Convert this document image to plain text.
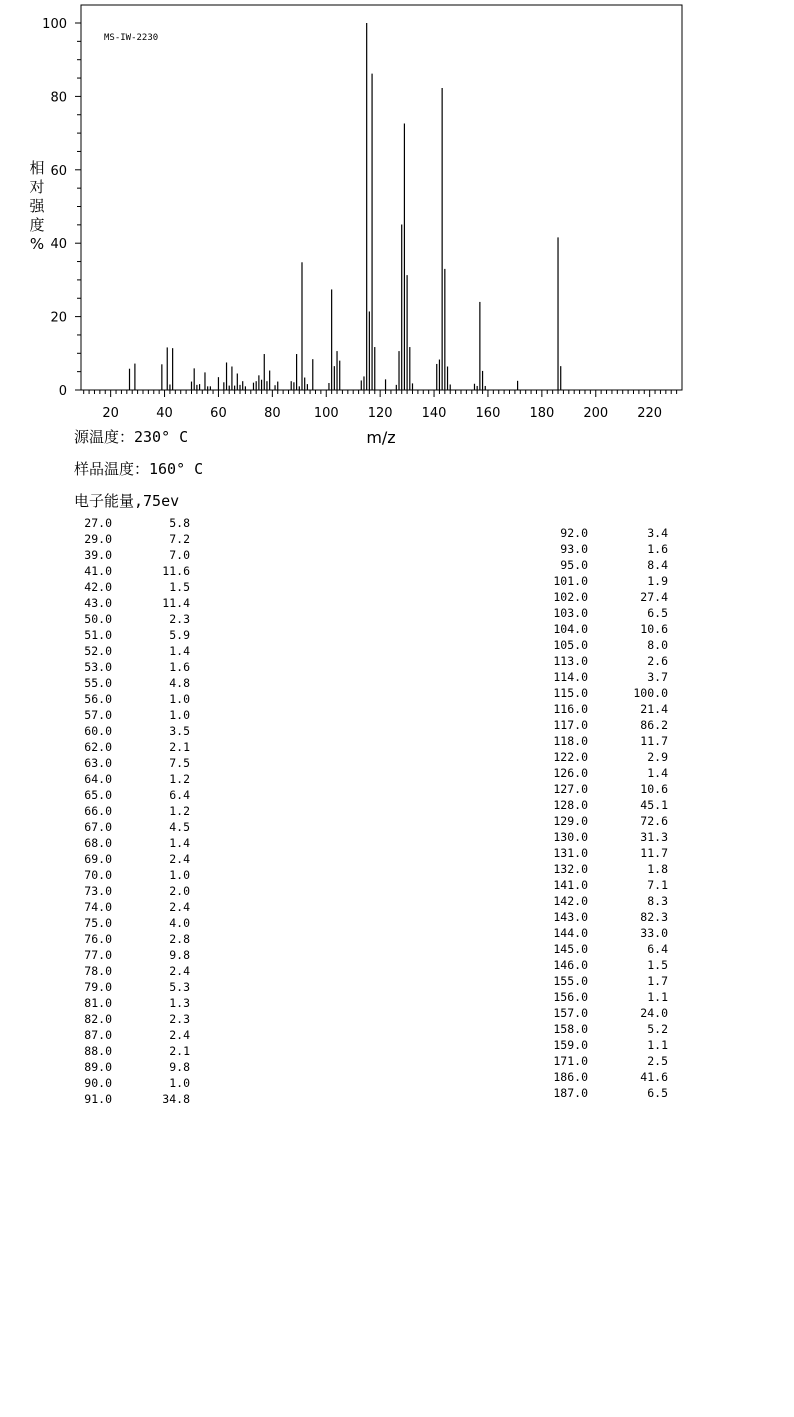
MS-IW-2230
相
对
强
度
%
20	40	60	80	100 120 140 160 180 200 220
0
20
40
60
80
100
m/z
源温度：230° C
样品温度：160° C
电子能量,75ev
27.0	5.8
29.0	7.2
39.0	7.0
41.0	11.6
42.0	1.5
43.0	11.4
50.0	2.3
51.0	5.9
52.0	1.4
53.0	1.6
55.0	4.8
56.0	1.0
57.0	1.0
60.0	3.5
62.0	2.1
63.0	7.5
64.0	1.2
65.0	6.4
66.0	1.2
67.0	4.5
68.0	1.4
69.0	2.4
70.0	1.0
73.0	2.0
74.0	2.4
75.0	4.0
76.0	2.8
77.0	9.8
78.0	2.4
79.0	5.3
81.0	1.3
82.0	2.3
87.0	2.4
88.0	2.1
89.0	9.8
90.0	1.0
91.0	34.8
92.0	3.4
93.0	1.6
95.0	8.4
101.0	1.9
102.0	27.4
103.0	6.5
104.0	10.6
105.0	8.0
113.0	2.6
114.0	3.7
115.0	100.0
116.0	21.4
117.0	86.2
118.0	11.7
122.0	2.9
126.0	1.4
127.0	10.6
128.0	45.1
129.0	72.6
130.0	31.3
131.0	11.7
132.0	1.8
141.0	7.1
142.0	8.3
143.0	82.3
144.0	33.0
145.0	6.4
146.0	1.5
155.0	1.7
156.0	1.1
157.0	24.0
158.0	5.2
159.0	1.1
171.0	2.5
186.0	41.6
187.0	6.5
